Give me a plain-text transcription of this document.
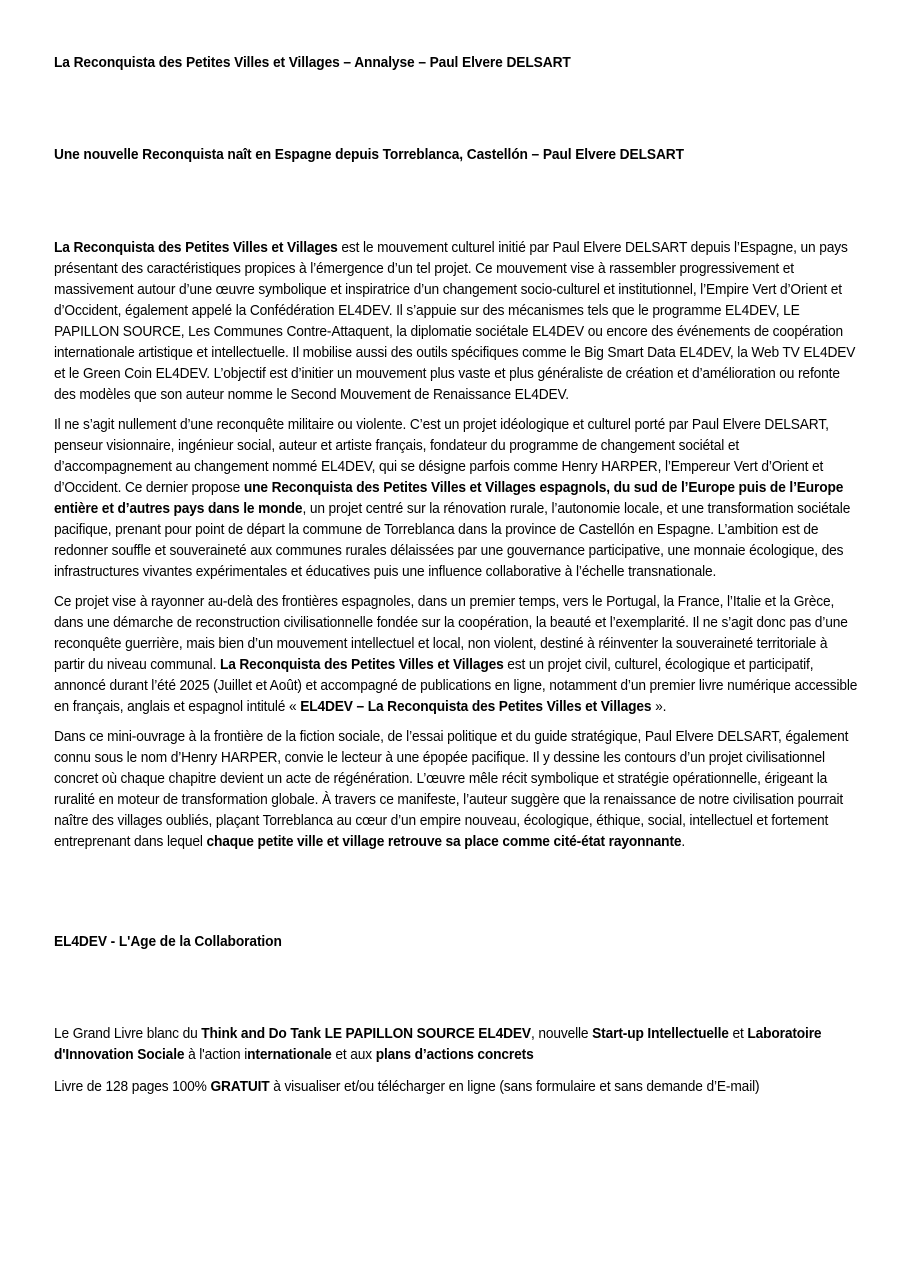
La Reconquista des Petites Villes et Villages – Annalyse – Paul Elvere DELSART
Une nouvelle Reconquista naît en Espagne depuis Torreblanca, Castellón – Paul Elvere DELSART

La Reconquista des Petites Villes et Villages est le mouvement culturel initié par Paul Elvere DELSART depuis l’Espagne, un pays présentant des caractéristiques propices à l’émergence d’un tel projet. Ce mouvement vise à rassembler progressivement et massivement autour d’une œuvre symbolique et inspiratrice d’un changement socio-culturel et institutionnel, l’Empire Vert d’Orient et d’Occident, également appelé la Confédération EL4DEV. Il s’appuie sur des mécanismes tels que le programme EL4DEV, LE PAPILLON SOURCE, Les Communes Contre-Attaquent, la diplomatie sociétale EL4DEV ou encore des événements de coopération internationale artistique et intellectuelle. Il mobilise aussi des outils spécifiques comme le Big Smart Data EL4DEV, la Web TV EL4DEV et le Green Coin EL4DEV. L’objectif est d’initier un mouvement plus vaste et plus généraliste de création et d’amélioration ou refonte des modèles que son auteur nomme le Second Mouvement de Renaissance EL4DEV.

Il ne s’agit nullement d’une reconquête militaire ou violente. C’est un projet idéologique et culturel porté par Paul Elvere DELSART, penseur visionnaire, ingénieur social, auteur et artiste français, fondateur du programme de changement sociétal et d’accompagnement au changement nommé EL4DEV, qui se désigne parfois comme Henry HARPER, l’Empereur Vert d’Orient et d’Occident. Ce dernier propose une Reconquista des Petites Villes et Villages espagnols, du sud de l’Europe puis de l’Europe entière et d’autres pays dans le monde, un projet centré sur la rénovation rurale, l’autonomie locale, et une transformation sociétale pacifique, prenant pour point de départ la commune de Torreblanca dans la province de Castellón en Espagne. L’ambition est de redonner souffle et souveraineté aux communes rurales délaissées par une gouvernance participative, une monnaie écologique, des infrastructures vivantes expérimentales et éducatives puis une influence collaborative à l’échelle transnationale.

Ce projet vise à rayonner au-delà des frontières espagnoles, dans un premier temps, vers le Portugal, la France, l’Italie et la Grèce, dans une démarche de reconstruction civilisationnelle fondée sur la coopération, la beauté et l’exemplarité. Il ne s’agit donc pas d’une reconquête guerrière, mais bien d’un mouvement intellectuel et local, non violent, destiné à réinventer la souveraineté territoriale à partir du niveau communal. La Reconquista des Petites Villes et Villages est un projet civil, culturel, écologique et participatif, annoncé durant l’été 2025 (Juillet et Août) et accompagné de publications en ligne, notamment d’un premier livre numérique accessible en français, anglais et espagnol intitulé « EL4DEV – La Reconquista des Petites Villes et Villages ».

Dans ce mini-ouvrage à la frontière de la fiction sociale, de l’essai politique et du guide stratégique, Paul Elvere DELSART, également connu sous le nom d’Henry HARPER, convie le lecteur à une épopée pacifique. Il y dessine les contours d’un projet civilisationnel concret où chaque chapitre devient un acte de régénération. L’œuvre mêle récit symbolique et stratégie opérationnelle, érigeant la ruralité en moteur de transformation globale. À travers ce manifeste, l’auteur suggère que la renaissance de notre civilisation pourrait naître des villages oubliés, plaçant Torreblanca au cœur d’un empire nouveau, écologique, éthique, social, intellectuel et fortement entreprenant dans lequel chaque petite ville et village retrouve sa place comme cité-état rayonnante.

EL4DEV - L'Age de la Collaboration

Le Grand Livre blanc du Think and Do Tank LE PAPILLON SOURCE EL4DEV, nouvelle Start-up Intellectuelle et Laboratoire d'Innovation Sociale à l'action internationale et aux plans d’actions concrets

Livre de 128 pages 100% GRATUIT à visualiser et/ou télécharger en ligne (sans formulaire et sans demande d’E-mail)
